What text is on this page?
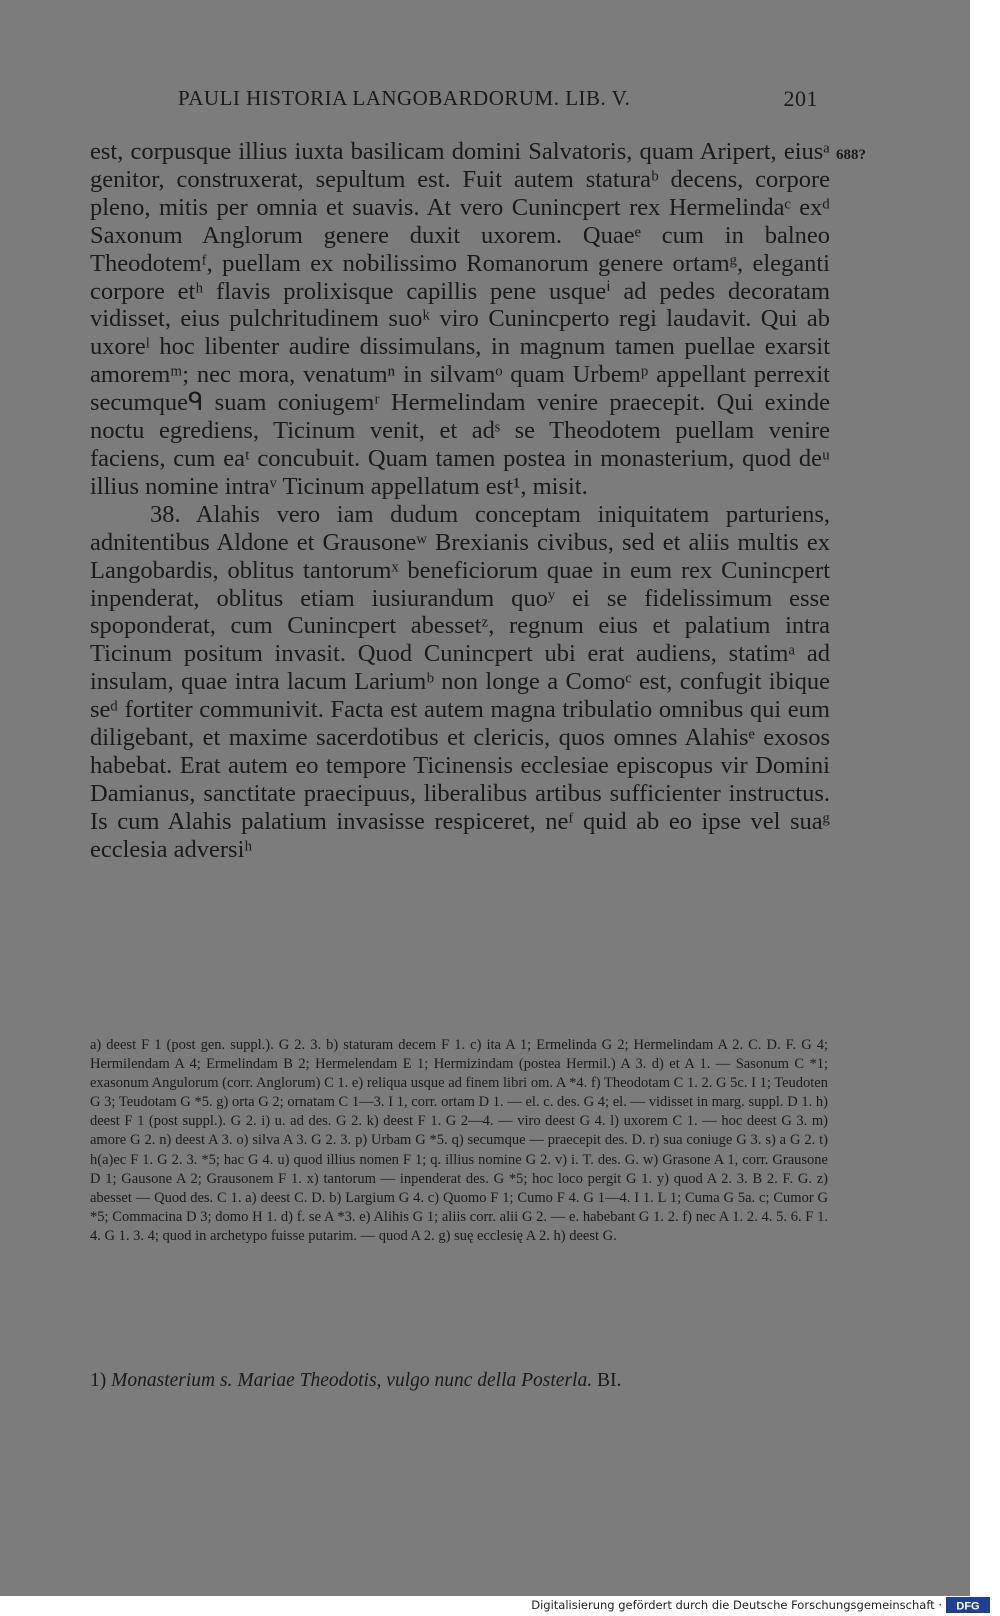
PAULI HISTORIA LANGOBARDORUM. LIB. V.	201
688?

est, corpusque illius iuxta basilicam domini Salvatoris, quam Aripert, eiusᵃ genitor, construxerat, sepultum est. Fuit autem staturaᵇ decens, corpore pleno, mitis per omnia et suavis. At vero Cunincpert rex Hermelindaᶜ exᵈ Saxonum Anglorum genere duxit uxorem. Quaeᵉ cum in balneo Theodotemᶠ, puellam ex nobilissimo Romanorum genere ortamᵍ, eleganti corpore etʰ flavis prolixisque capillis pene usqueⁱ ad pedes decoratam vidisset, eius pulchritudinem suoᵏ viro Cunincperto regi laudavit. Qui ab uxoreˡ hoc libenter audire dissimulans, in magnum tamen puellae exarsit amoremᵐ; nec mora, venatumⁿ in silvamᵒ quam Urbemᵖ appellant perrexit secumqueᑫ suam coniugemʳ Hermelindam venire praecepit. Qui exinde noctu egrediens, Ticinum venit, et adˢ se Theodotem puellam venire faciens, cum eaᵗ concubuit. Quam tamen postea in monasterium, quod deᵘ illius nomine intraᵛ Ticinum appellatum est¹, misit.

38. Alahis vero iam dudum conceptam iniquitatem parturiens, adnitentibus Aldone et Grausoneʷ Brexianis civibus, sed et aliis multis ex Langobardis, oblitus tantorumˣ beneficiorum quae in eum rex Cunincpert inpenderat, oblitus etiam iusiurandum quoʸ ei se fidelissimum esse spoponderat, cum Cunincpert abessetᶻ, regnum eius et palatium intra Ticinum positum invasit. Quod Cunincpert ubi erat audiens, statimᵃ ad insulam, quae intra lacum Lariumᵇ non longe a Comoᶜ est, confugit ibique seᵈ fortiter communivit. Facta est autem magna tribulatio omnibus qui eum diligebant, et maxime sacerdotibus et clericis, quos omnes Alahisᵉ exosos habebat. Erat autem eo tempore Ticinensis ecclesiae episcopus vir Domini Damianus, sanctitate praecipuus, liberalibus artibus sufficienter instructus. Is cum Alahis palatium invasisse respiceret, neᶠ quid ab eo ipse vel suaᵍ ecclesia adversiʰ

a) deest F 1 (post gen. suppl.). G 2. 3. b) staturam decem F 1. c) ita A 1; Ermelinda G 2; Hermelindam A 2. C. D. F. G 4; Hermilendam A 4; Ermelindam B 2; Hermelendam E 1; Hermizindam (postea Hermil.) A 3. d) et A 1. — Sasonum C *1; exasonum Angulorum (corr. Anglorum) C 1. e) reliqua usque ad finem libri om. A *4. f) Theodotam C 1. 2. G 5c. I 1; Teudoten G 3; Teudotam G *5. g) orta G 2; ornatam C 1—3. I 1, corr. ortam D 1. — el. c. des. G 4; el. — vidisset in marg. suppl. D 1. h) deest F 1 (post suppl.). G 2. i) u. ad des. G 2. k) deest F 1. G 2—4. — viro deest G 4. l) uxorem C 1. — hoc deest G 3. m) amore G 2. n) deest A 3. o) silva A 3. G 2. 3. p) Urbam G *5. q) secumque — praecepit des. D. r) sua coniuge G 3. s) a G 2. t) h(a)ec F 1. G 2. 3. *5; hac G 4. u) quod illius nomen F 1; q. illius nomine G 2. v) i. T. des. G. w) Grasone A 1, corr. Grausone D 1; Gausone A 2; Grausonem F 1. x) tantorum — inpenderat des. G *5; hoc loco pergit G 1. y) quod A 2. 3. B 2. F. G. z) abesset — Quod des. C 1. a) deest C. D. b) Largium G 4. c) Quomo F 1; Cumo F 4. G 1—4. I 1. L 1; Cuma G 5a. c; Cumor G *5; Commacina D 3; domo H 1. d) f. se A *3. e) Alihis G 1; aliis corr. alii G 2. — e. habebant G 1. 2. f) nec A 1. 2. 4. 5. 6. F 1. 4. G 1. 3. 4; quod in archetypo fuisse putarim. — quod A 2. g) suę ecclesię A 2. h) deest G.
1) Monasterium s. Mariae Theodotis, vulgo nunc della Posterla. BI.
Digitalisierung gefördert durch die Deutsche Forschungsgemeinschaft · DFG
